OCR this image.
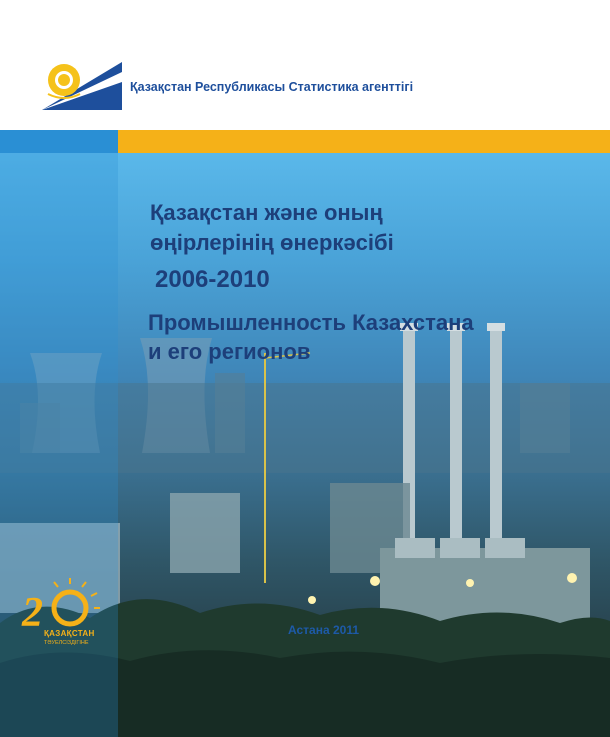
Қазақстан Республикасы Статистика агенттігі
Қазақстан және оның
өңірлерінің өнеркәсібі
2006-2010
Промышленность Казахстана
и его регионов
Астана 2011
2 ҚАЗАҚСТАН
ТӘУЕЛСІЗДІГІНЕ
